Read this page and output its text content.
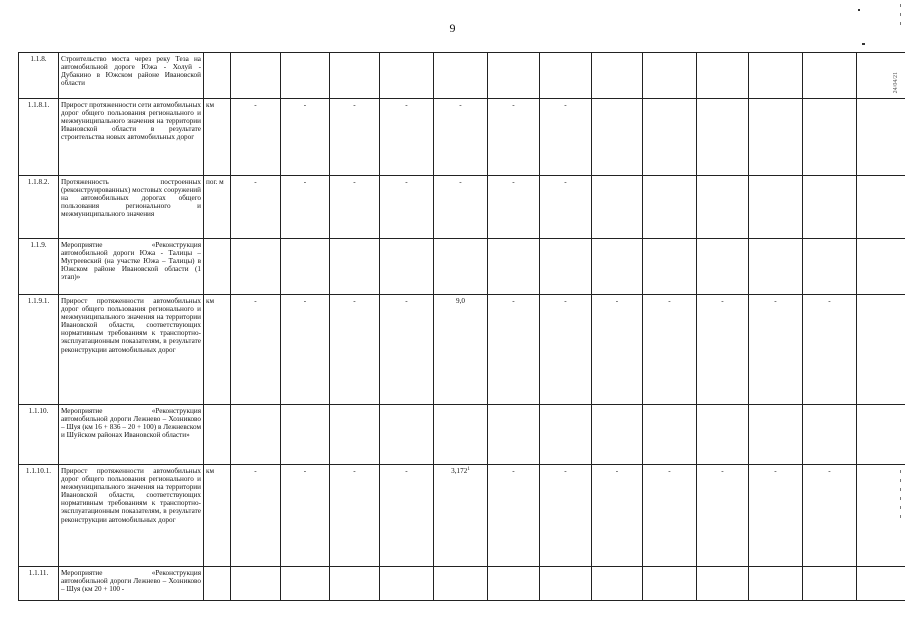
9
24/04/21
1.1.8.	Строительство моста через реку Теза на автомобильной дороге Южа - Холуй - Дубакино в Южском районе Ивановской области														
1.1.8.1.	Прирост протяженности сети автомобильных дорог общего пользования регионального и межмуниципального значения на территории Ивановской области в результате строительства новых автомобильных дорог	км	-	-	-	-	-	-	-						
1.1.8.2.	Протяженность построенных (реконструированных) мостовых сооружений на автомобильных дорогах общего пользования регионального и межмуниципального значения	пог. м	-	-	-	-	-	-	-						
1.1.9.	Мероприятие «Реконструкция автомобильной дороги Южа - Талицы – Мугреевский (на участке Южа – Талицы) в Южском районе Ивановской области (1 этап)»														
1.1.9.1.	Прирост протяженности автомобильных дорог общего пользования регионального и межмуниципального значения на территории Ивановской области, соответствующих нормативным требованиям к транспортно-эксплуатационным показателям, в результате реконструкции автомобильных дорог	км	-	-	-	-	9,0	-	-	-	-	-	-	-	
1.1.10.	Мероприятие «Реконструкция автомобильной дороги Лежнево – Хозниково – Шуя (км 16 + 836 – 20 + 100) в Лежневском и Шуйском районах Ивановской области»														
1.1.10.1.	Прирост протяженности автомобильных дорог общего пользования регионального и межмуниципального значения на территории Ивановской области, соответствующих нормативным требованиям к транспортно-эксплуатационным показателям, в результате реконструкции автомобильных дорог	км	-	-	-	-	3,172$^1$	-	-	-	-	-	-	-	
1.1.11.	Мероприятие «Реконструкция автомобильной дороги Лежнево – Хозниково – Шуя (км 20 + 100 -														
